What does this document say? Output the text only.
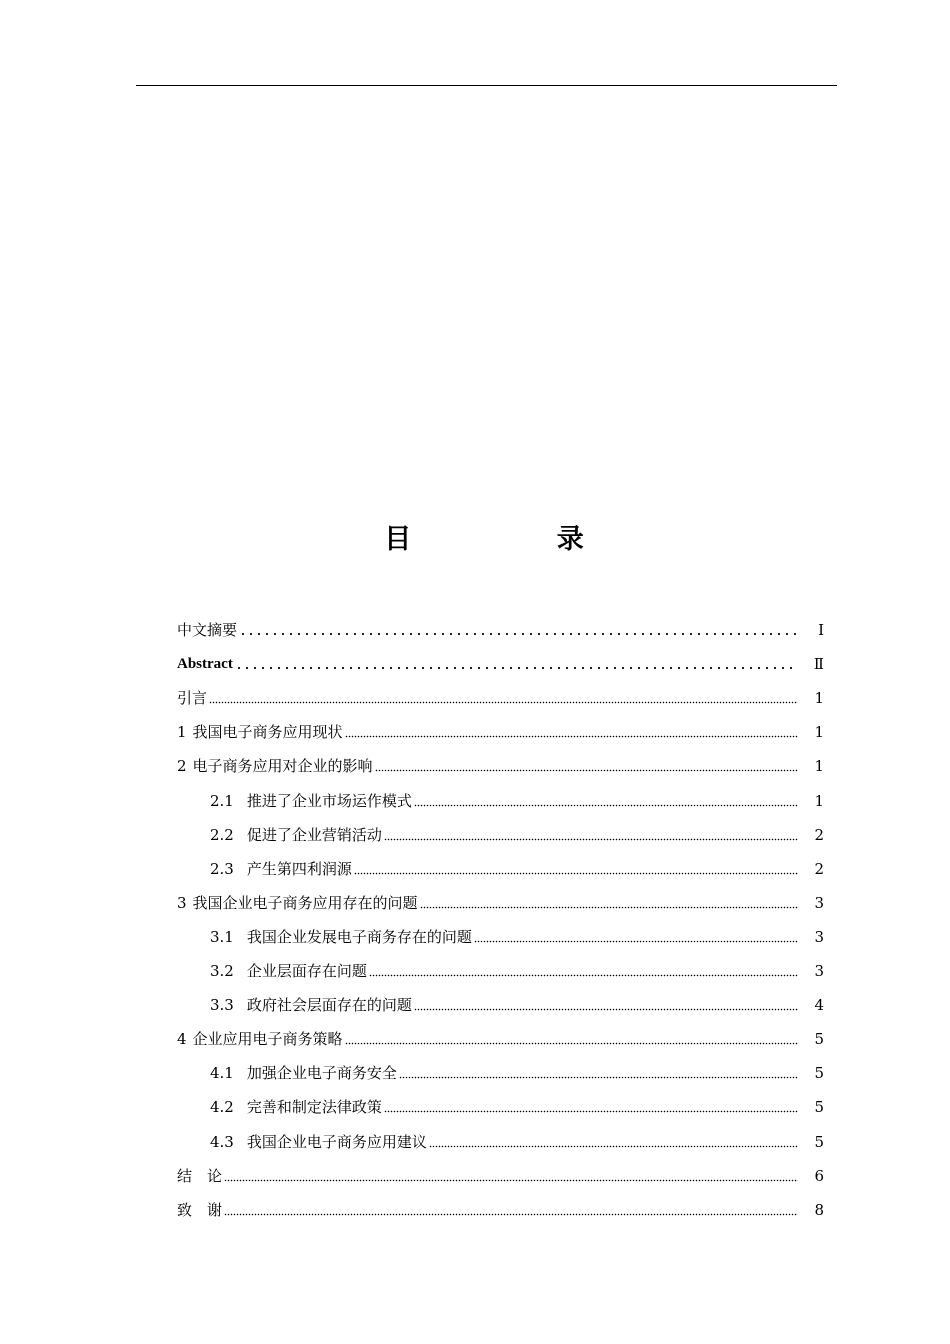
目 录
中文摘要	Ⅰ
Abstract	Ⅱ
引言	1
1 我国电子商务应用现状	1
2 电子商务应用对企业的影响	1
2.1 推进了企业市场运作模式	1
2.2 促进了企业营销活动	2
2.3 产生第四利润源	2
3 我国企业电子商务应用存在的问题	3
3.1 我国企业发展电子商务存在的问题	3
3.2 企业层面存在问题	3
3.3 政府社会层面存在的问题	4
4 企业应用电子商务策略	5
4.1 加强企业电子商务安全	5
4.2 完善和制定法律政策	5
4.3 我国企业电子商务应用建议	5
结　论	6
致　谢	8
